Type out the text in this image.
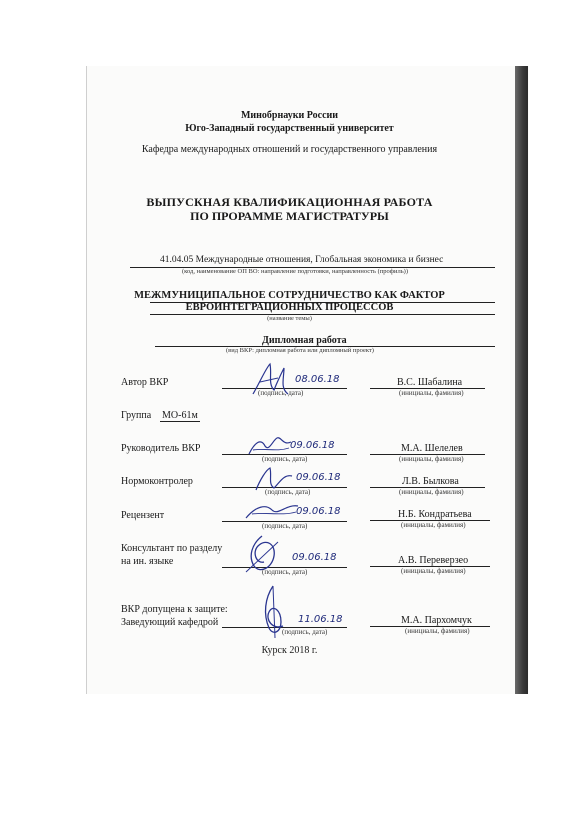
Минобрнауки России
Юго-Западный государственный университет
Кафедра международных отношений и государственного управления
ВЫПУСКНАЯ КВАЛИФИКАЦИОННАЯ РАБОТА
ПО ПРОРАММЕ МАГИСТРАТУРЫ
41.04.05 Международные отношения, Глобальная экономика и бизнес
(код, наименование ОП ВО: направление подготовки, направленность (профиль))
МЕЖМУНИЦИПАЛЬНОЕ СОТРУДНИЧЕСТВО КАК ФАКТОР
ЕВРОИНТЕГРАЦИОННЫХ ПРОЦЕССОВ
(название темы)
Дипломная работа
(вид ВКР: дипломная работа или дипломный проект)
Автор ВКР	08.06.18
(подпись, дата)
В.С. Шабалина
(инициалы, фамилия)
Группа МО-61м
Руководитель ВКР	09.06.18
(подпись, дата)
М.А. Шелелев
(инициалы, фамилия)
Нормоконтролер	09.06.18
(подпись, дата)
Л.В. Былкова
(инициалы, фамилия)
Рецензент	09.06.18
(подпись, дата)
Н.Б. Кондратьева
(инициалы, фамилия)
Консультант по разделу
на ин. языке	09.06.18
(подпись, дата)
А.В. Переверзео
(инициалы, фамилия)
ВКР допущена к защите:
Заведующий кафедрой	11.06.18
(подпись, дата)
М.А. Пархомчук
(инициалы, фамилия)
Курск 2018 г.
